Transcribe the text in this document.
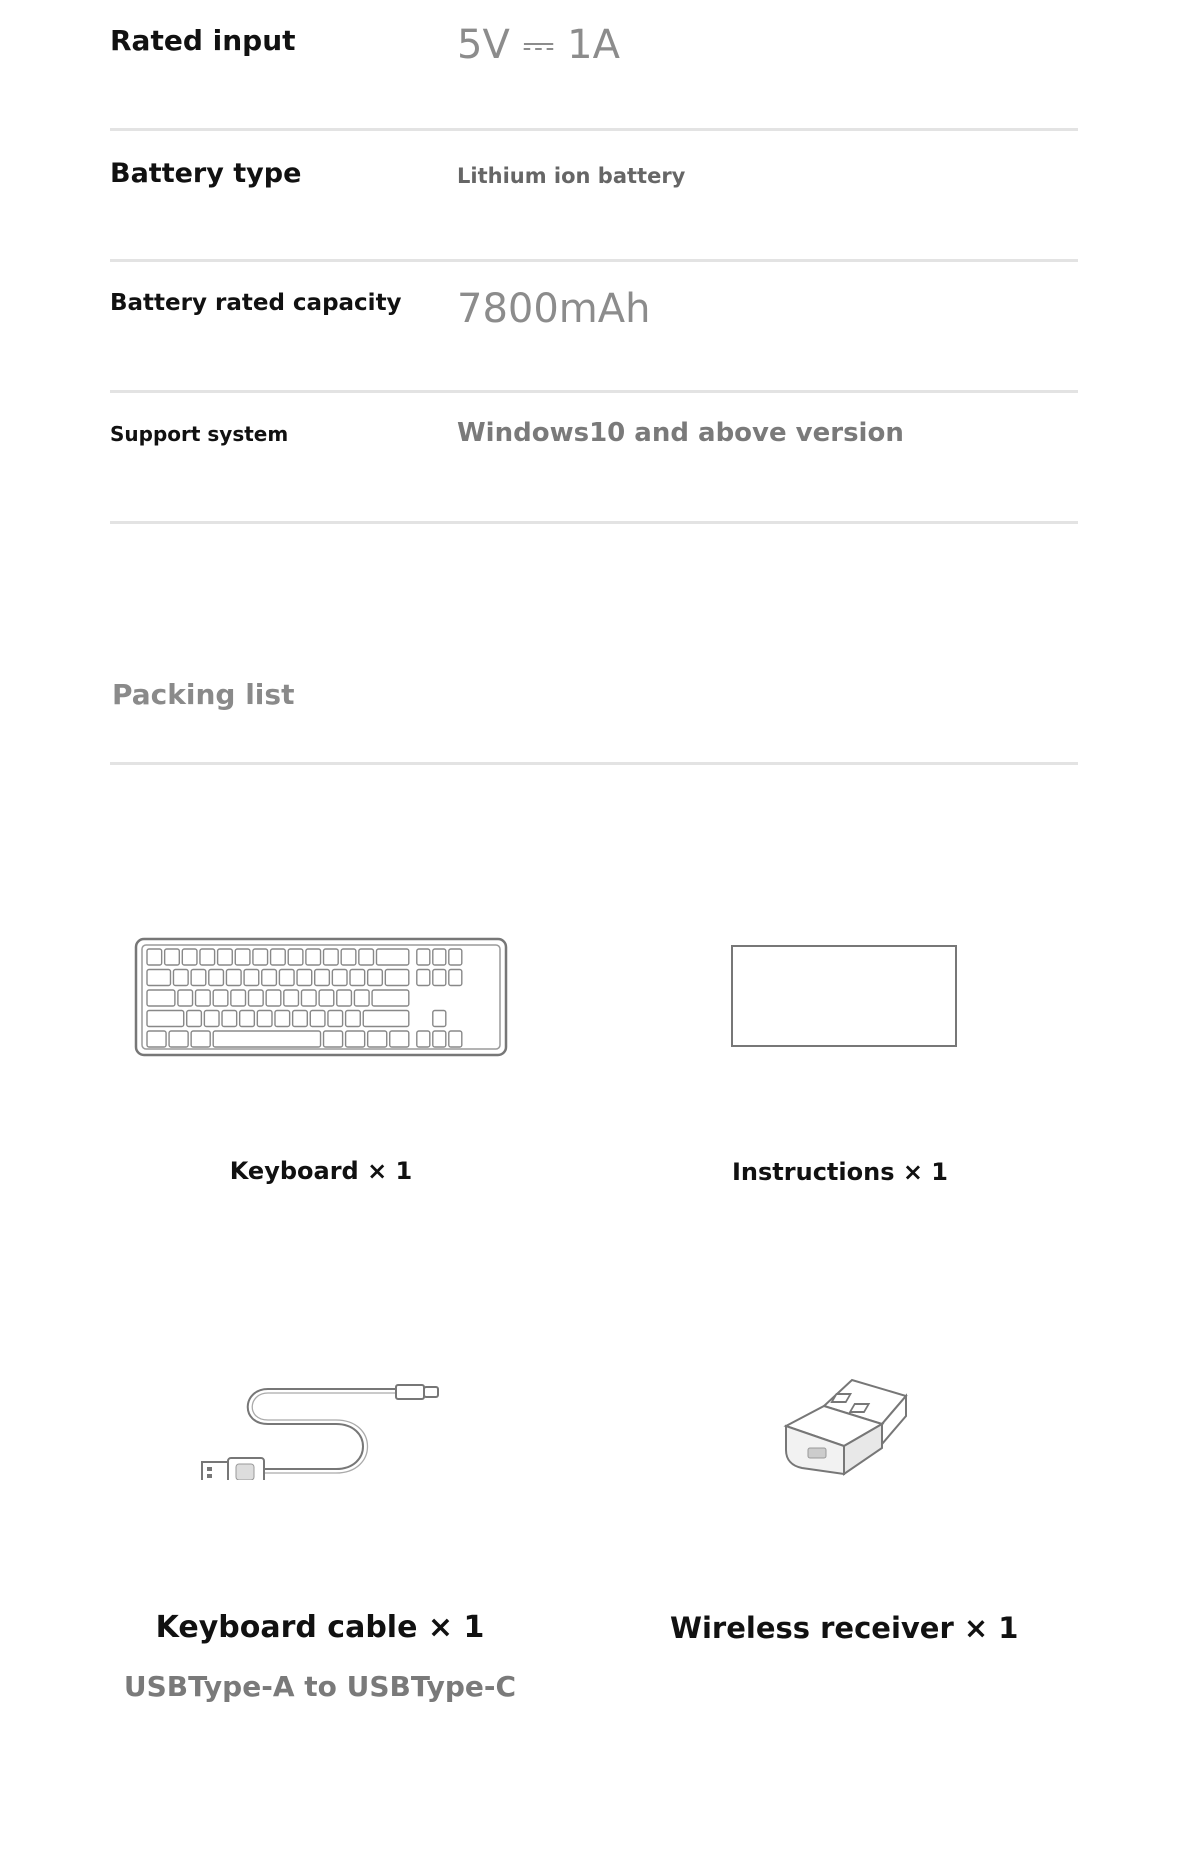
Rated input	5V ⎓ 1A
Battery type	Lithium ion battery
Battery rated capacity 7800mAh
Support system	Windows10 and above version
Packing list
Keyboard × 1	Instructions × 1
Keyboard cable × 1
USBType-A to USBType-C
Wireless receiver × 1
